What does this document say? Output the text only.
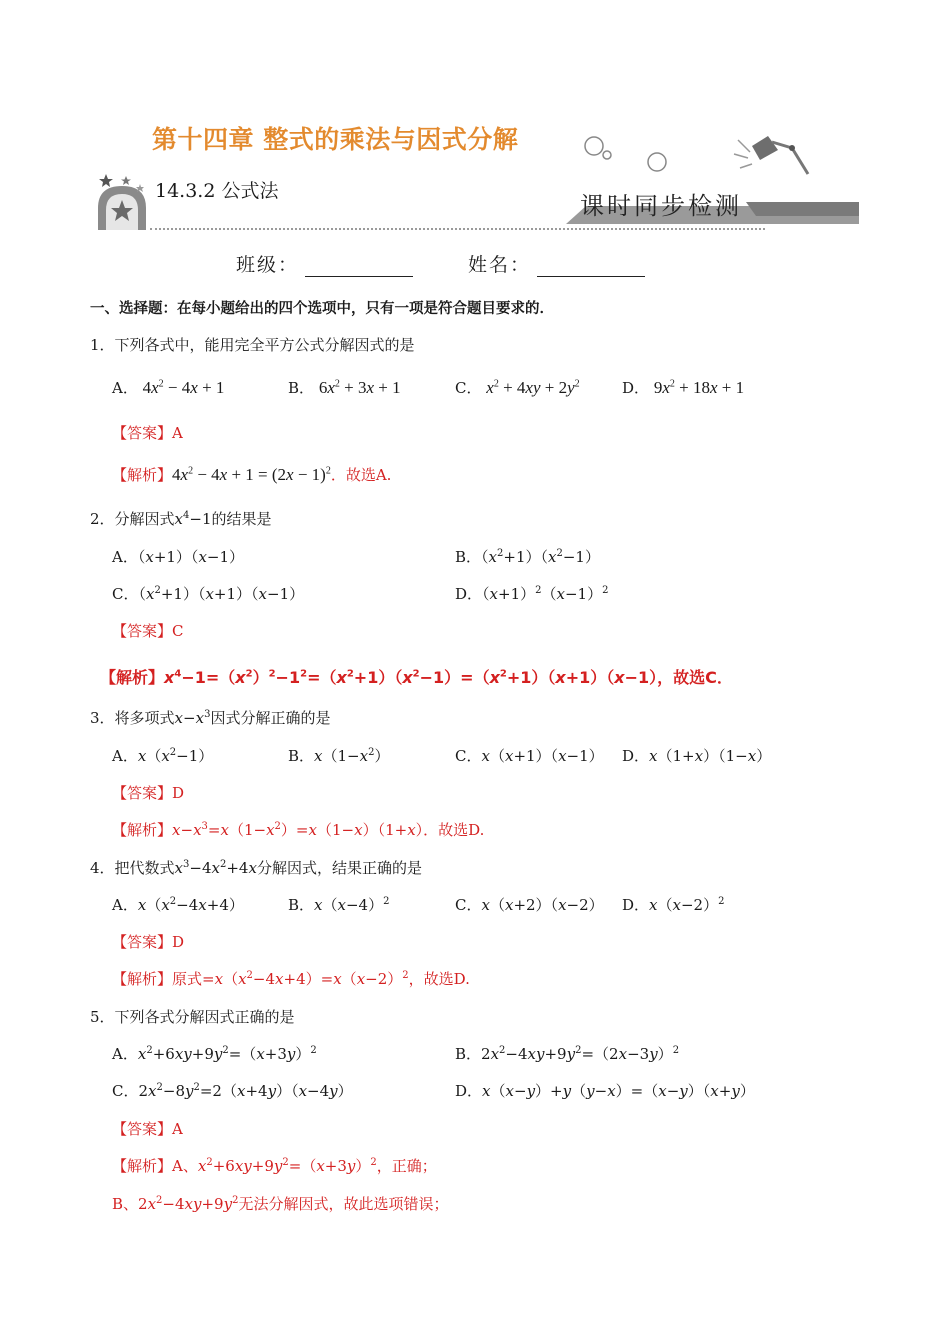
第十四章 整式的乘法与因式分解
14.3.2 公式法
课时同步检测
班级：	姓名：
一、选择题：在每小题给出的四个选项中，只有一项是符合题目要求的．
1．下列各式中，能用完全平方公式分解因式的是
A． $4x^2 - 4x + 1$	B． $6x^2 + 3x + 1$	C． $x^2 + 4xy + 2y^2$	D． $9x^2 + 18x + 1$
【答案】A
【解析】$4x^2 - 4x + 1 = (2x - 1)^2$．故选A.
2．分解因式$x^4-1$的结果是
A．（x+1）（x−1）	B．$(x^2+1)(x^2-1)$
C．$(x^2+1)(x+1)(x-1)$	D．$(x+1)^2(x-1)^2$
【答案】C
【解析】$x^4-1=(x^2)^2-1^2=(x^2+1)(x^2-1)=(x^2+1)(x+1)(x-1)$，故选C．
3．将多项式$x-x^3$因式分解正确的是
A．$x(x^2-1)$	B．$x(1-x^2)$	C．x（x+1）（x−1） D．x（1+x）（1−x）
【答案】D
【解析】$x-x^3=x(1-x^2)=x(1-x)(1+x)$．故选D.
4．把代数式$x^3-4x^2+4x$分解因式，结果正确的是
A．$x(x^2-4x+4)$	B．$x(x-4)^2$	C．x（x+2）（x−2） D．$x(x-2)^2$
【答案】D
【解析】原式$=x(x^2-4x+4)=x(x-2)^2$，故选D.
5．下列各式分解因式正确的是
A．$x^2+6xy+9y^2=(x+3y)^2$	B．$2x^2-4xy+9y^2=(2x-3y)^2$
C．$2x^2-8y^2=2(x+4y)(x-4y)$	D．x（x−y）+y（y−x）=（x−y）（x+y）
【答案】A
【解析】A、$x^2+6xy+9y^2=(x+3y)^2$，正确；
B、$2x^2-4xy+9y^2$无法分解因式，故此选项错误；
